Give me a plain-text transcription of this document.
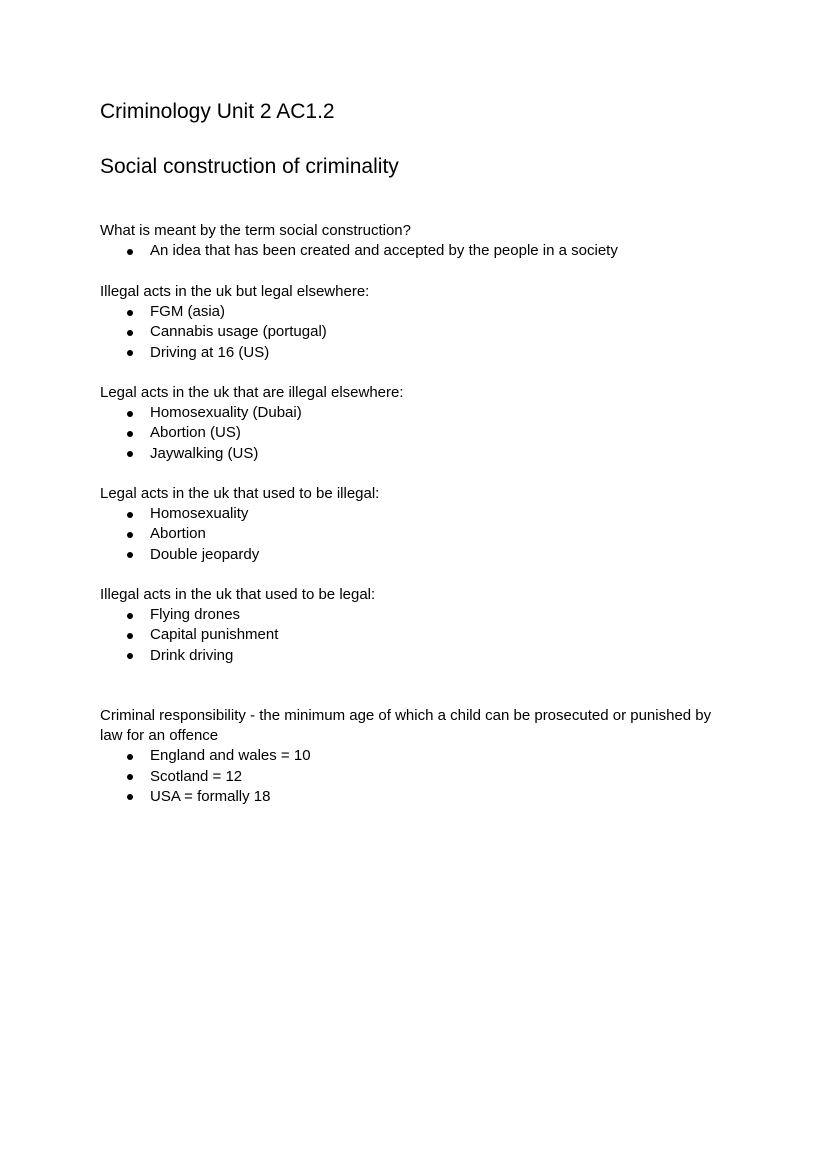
Criminology Unit 2 AC1.2
Social construction of criminality

What is meant by the term social construction?

An idea that has been created and accepted by the people in a society

Illegal acts in the uk but legal elsewhere:

FGM (asia)
Cannabis usage (portugal)
Driving at 16 (US)

Legal acts in the uk that are illegal elsewhere:

Homosexuality (Dubai)
Abortion (US)
Jaywalking (US)

Legal acts in the uk that used to be illegal:

Homosexuality
Abortion
Double jeopardy

Illegal acts in the uk that used to be legal:

Flying drones
Capital punishment
Drink driving

Criminal responsibility - the minimum age of which a child can be prosecuted or punished by law for an offence

England and wales = 10
Scotland = 12
USA = formally 18
